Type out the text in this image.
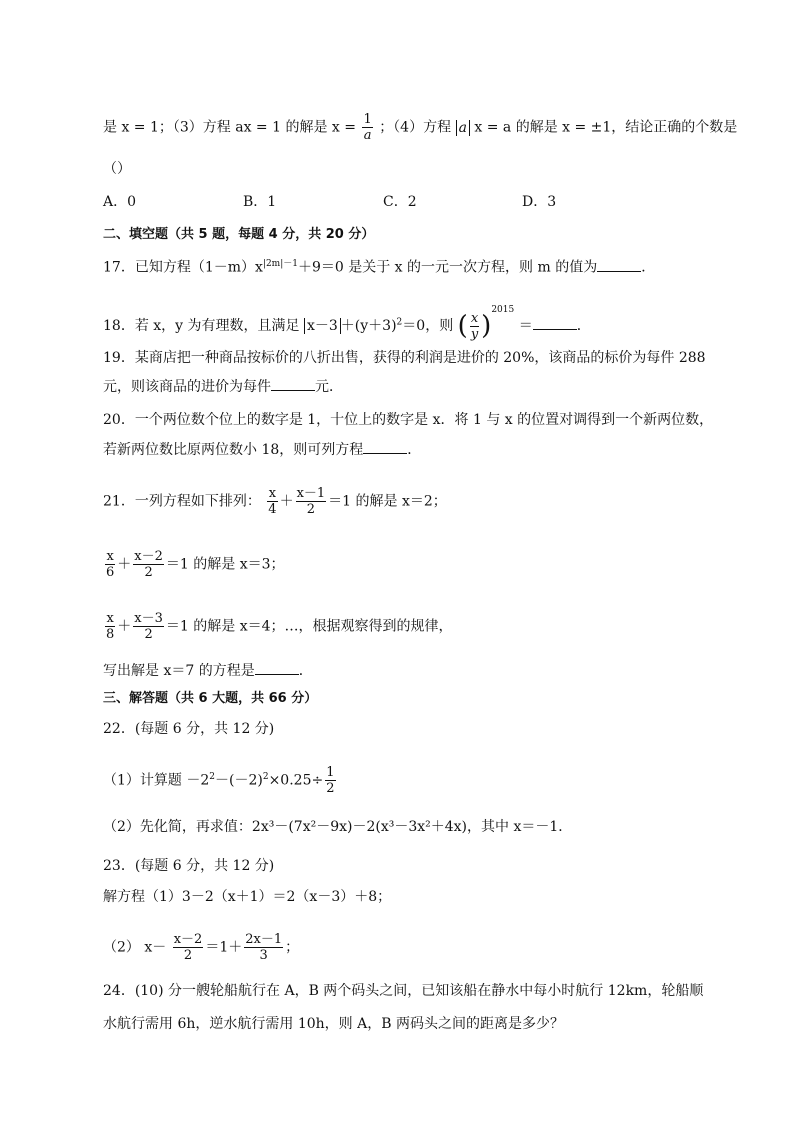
是 x = 1；（3）方程 ax = 1 的解是 $x = \frac{1}{a}$ ；（4）方程 a x = a 的解是 x = ±1，结论正确的个数是
（）
A．0	B．1	C．2	D．3
二、填空题（共 5 题，每题 4 分，共 20 分）
17．已知方程$(1-m)x^{|2m|-1}+9=0$ 是关于 x 的一元一次方程，则 m 的值为	．
18．若 x，y 为有理数，且满足 $x-3 +(y+3)^2=0$，则 ( $\frac{x}{y} )^{2015}$ ＝	．
19．某商店把一种商品按标价的八折出售，获得的利润是进价的 20%，该商品的标价为每件 288
元，则该商品的进价为每件	元．
20．一个两位数个位上的数字是 1，十位上的数字是 x．将 1 与 x 的位置对调得到一个新两位数，
若新两位数比原两位数小 18，则可列方程	．
21．一列方程如下排列： $\frac{x}{4} + \frac{x-1}{2} =1$ 的解是 x＝2；
$\frac{x}{6} + \frac{x-2}{2} =1$ 的解是 x＝3；
$\frac{x}{8} + \frac{x-3}{2} =1$ 的解是 x＝4；…，根据观察得到的规律，
写出解是 x＝7 的方程是	．
三、解答题（共 6 大题，共 66 分）
22．(每题 6 分，共 12 分)
（1）计算题 $-2^2-(-2)^2\times 0.25\div \frac{1}{2}$
（2）先化简，再求值：2x³－(7x²－9x)－2(x³－3x²＋4x)，其中 x＝－1．
23．(每题 6 分，共 12 分)
解方程（1）3－2（x＋1）＝2（x－3）＋8；
（2） $x- \frac{x-2}{2} =1+ \frac{2x-1}{3}$ ；
24．(10) 分一艘轮船航行在 A，B 两个码头之间，已知该船在静水中每小时航行 12km，轮船顺
水航行需用 6h，逆水航行需用 10h，则 A，B 两码头之间的距离是多少？
